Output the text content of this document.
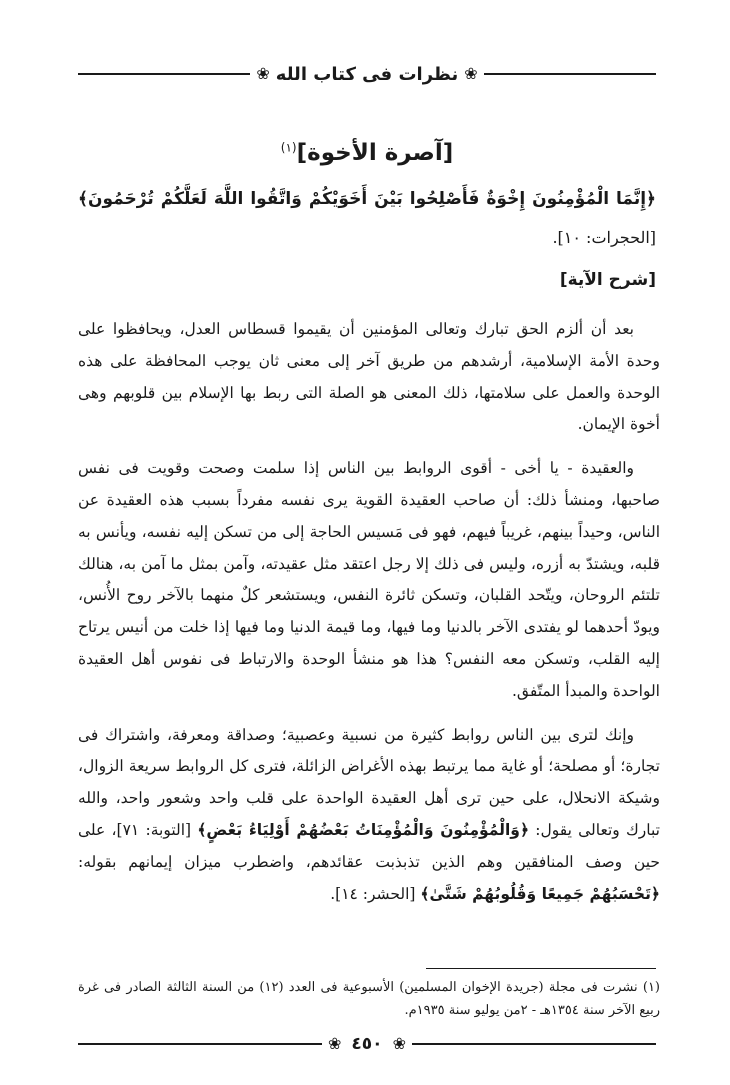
❀
نظرات فى كتاب الله
❀
[آصرة الأخوة]$^{(١)}$
﴿إِنَّمَا الْمُؤْمِنُونَ إِخْوَةٌ فَأَصْلِحُوا بَيْنَ أَخَوَيْكُمْ وَاتَّقُوا اللَّهَ لَعَلَّكُمْ تُرْحَمُونَ﴾
[الحجرات: ١٠].
[شرح الآية]

بعد أن ألزم الحق تبارك وتعالى المؤمنين أن يقيموا قسطاس العدل، ويحافظوا على وحدة الأمة الإسلامية، أرشدهم من طريق آخر إلى معنى ثان يوجب المحافظة على هذه الوحدة والعمل على سلامتها، ذلك المعنى هو الصلة التى ربط بها الإسلام بين قلوبهم وهى أخوة الإيمان.

والعقيدة - يا أخى - أقوى الروابط بين الناس إذا سلمت وصحت وقويت فى نفس صاحبها، ومنشأ ذلك: أن صاحب العقيدة القوية يرى نفسه مفرداً بسبب هذه العقيدة عن الناس، وحيداً بينهم، غريباً فيهم، فهو فى مَسيس الحاجة إلى من تسكن إليه نفسه، ويأنس به قلبه، ويشتدّ به أزره، وليس فى ذلك إلا رجل اعتقد مثل عقيدته، وآمن بمثل ما آمن به، هنالك تلتئم الروحان، ويتّحد القلبان، وتسكن ثائرة النفس، ويستشعر كلٌ منهما بالآخر روح الأُنس، ويودّ أحدهما لو يفتدى الآخر بالدنيا وما فيها، وما قيمة الدنيا وما فيها إذا خلت من أنيس يرتاح إليه القلب، وتسكن معه النفس؟ هذا هو منشأ الوحدة والارتباط فى نفوس أهل العقيدة الواحدة والمبدأ المتّفق.

وإنك لترى بين الناس روابط كثيرة من نسبية وعصبية؛ وصداقة ومعرفة، واشتراك فى تجارة؛ أو مصلحة؛ أو غاية مما يرتبط بهذه الأغراض الزائلة، فترى كل الروابط سريعة الزوال، وشيكة الانحلال، على حين ترى أهل العقيدة الواحدة على قلب واحد وشعور واحد، والله تبارك وتعالى يقول: ﴿وَالْمُؤْمِنُونَ وَالْمُؤْمِنَاتُ بَعْضُهُمْ أَوْلِيَاءُ بَعْضٍ﴾ [التوبة: ٧١]، على حين وصف المنافقين وهم الذين تذبذبت عقائدهم، واضطرب ميزان إيمانهم بقوله: ﴿تَحْسَبُهُمْ جَمِيعًا وَقُلُوبُهُمْ شَتَّىٰ﴾ [الحشر: ١٤].

(١) نشرت فى مجلة (جريدة الإخوان المسلمين) الأسبوعية فى العدد (١٢) من السنة الثالثة الصادر فى غرة ربيع الآخر سنة ١٣٥٤هـ - ٢من يوليو سنة ١٩٣٥م.
❀
٤٥٠
❀
